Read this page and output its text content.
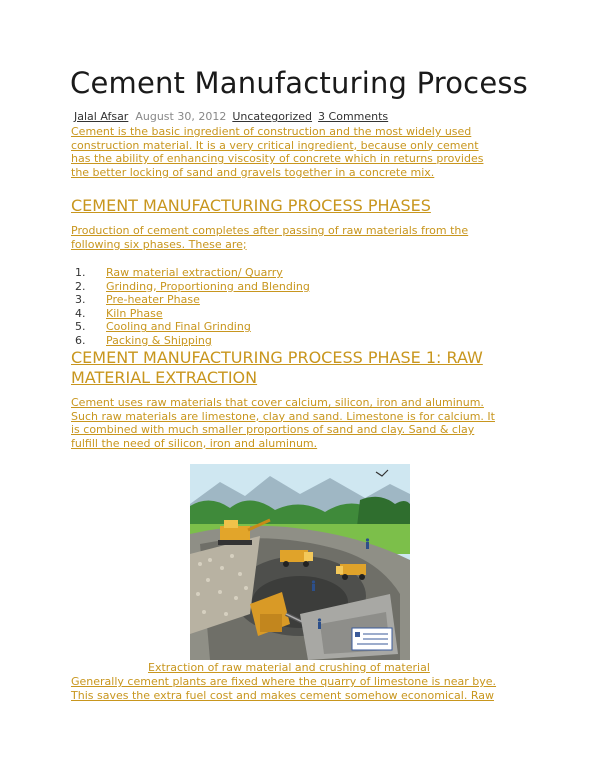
Cement Manufacturing Process
Jalal Afsar August 30, 2012 Uncategorized 3 Comments

Cement is the basic ingredient of construction and the most widely used
construction material. It is a very critical ingredient, because only cement
has the ability of enhancing viscosity of concrete which in returns provides
the better locking of sand and gravels together in a concrete mix.

CEMENT MANUFACTURING PROCESS PHASES

Production of cement completes after passing of raw materials from the
following six phases. These are;

1. Raw material extraction/ Quarry
2. Grinding, Proportioning and Blending
3. Pre-heater Phase
4. Kiln Phase
5. Cooling and Final Grinding
6. Packing & Shipping
CEMENT MANUFACTURING PROCESS PHASE 1: RAW
MATERIAL EXTRACTION

Cement uses raw materials that cover calcium, silicon, iron and aluminum.
Such raw materials are limestone, clay and sand. Limestone is for calcium. It
is combined with much smaller proportions of sand and clay. Sand & clay
fulfill the need of silicon, iron and aluminum.

Extraction of raw material and crushing of material

Generally cement plants are fixed where the quarry of limestone is near bye.
This saves the extra fuel cost and makes cement somehow economical. Raw
